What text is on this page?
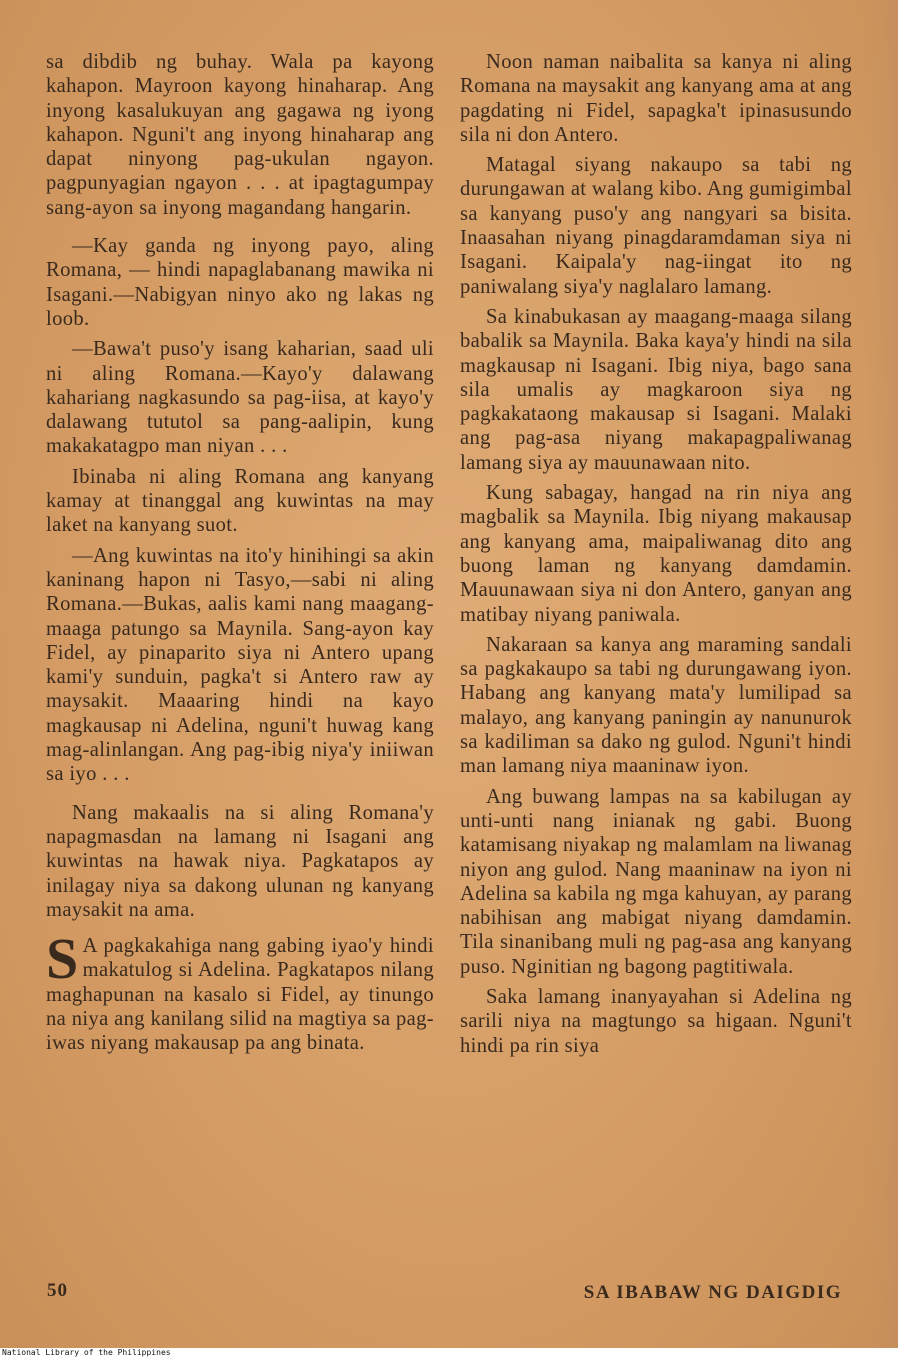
sa dibdib ng buhay. Wala pa kayong kahapon. Mayroon kayong hinaharap. Ang inyong kasalukuyan ang gagawa ng iyong kahapon. Nguni't ang inyong hinaharap ang dapat ninyong pag-ukulan ngayon. pagpunyagian ngayon . . . at ipagtagumpay sang-ayon sa inyong magandang hangarin.

—Kay ganda ng inyong payo, aling Romana, — hindi napaglabanang mawika ni Isagani.—Nabigyan ninyo ako ng lakas ng loob.

—Bawa't puso'y isang kaharian, saad uli ni aling Romana.—Kayo'y dalawang kahariang nagkasundo sa pag-iisa, at kayo'y dalawang tututol sa pang-aalipin, kung makakatagpo man niyan . . .

Ibinaba ni aling Romana ang kanyang kamay at tinanggal ang kuwintas na may laket na kanyang suot.

—Ang kuwintas na ito'y hinihingi sa akin kaninang hapon ni Tasyo,—sabi ni aling Romana.—Bukas, aalis kami nang maagang-maaga patungo sa Maynila. Sang-ayon kay Fidel, ay pinaparito siya ni Antero upang kami'y sunduin, pagka't si Antero raw ay maysakit. Maaaring hindi na kayo magkausap ni Adelina, nguni't huwag kang mag-alinlangan. Ang pag-ibig niya'y iniiwan sa iyo . . .

Nang makaalis na si aling Romana'y napagmasdan na lamang ni Isagani ang kuwintas na hawak niya. Pagkatapos ay inilagay niya sa dakong ulunan ng kanyang maysakit na ama.

S A pagkakahiga nang gabing iyao'y hindi makatulog si Adelina. Pagkatapos nilang maghapunan na kasalo si Fidel, ay tinungo na niya ang kanilang silid na magtiya sa pag-iwas niyang makausap pa ang binata.

Noon naman naibalita sa kanya ni aling Romana na maysakit ang kanyang ama at ang pagdating ni Fidel, sapagka't ipinasusundo sila ni don Antero.

Matagal siyang nakaupo sa tabi ng durungawan at walang kibo. Ang gumigimbal sa kanyang puso'y ang nangyari sa bisita. Inaasahan niyang pinagdaramdaman siya ni Isagani. Kaipala'y nag-iingat ito ng paniwalang siya'y naglalaro lamang.

Sa kinabukasan ay maagang-maaga silang babalik sa Maynila. Baka kaya'y hindi na sila magkausap ni Isagani. Ibig niya, bago sana sila umalis ay magkaroon siya ng pagkakataong makausap si Isagani. Malaki ang pag-asa niyang makapagpaliwanag lamang siya ay mauunawaan nito.

Kung sabagay, hangad na rin niya ang magbalik sa Maynila. Ibig niyang makausap ang kanyang ama, maipaliwanag dito ang buong laman ng kanyang damdamin. Mauunawaan siya ni don Antero, ganyan ang matibay niyang paniwala.

Nakaraan sa kanya ang maraming sandali sa pagkakaupo sa tabi ng durungawang iyon. Habang ang kanyang mata'y lumilipad sa malayo, ang kanyang paningin ay nanunurok sa kadiliman sa dako ng gulod. Nguni't hindi man lamang niya maaninaw iyon.

Ang buwang lampas na sa kabilugan ay unti-unti nang inianak ng gabi. Buong katamisang niyakap ng malamlam na liwanag niyon ang gulod. Nang maaninaw na iyon ni Adelina sa kabila ng mga kahuyan, ay parang nabihisan ang mabigat niyang damdamin. Tila sinanibang muli ng pag-asa ang kanyang puso. Nginitian ng bagong pagtitiwala.

Saka lamang inanyayahan si Adelina ng sarili niya na magtungo sa higaan. Nguni't hindi pa rin siya

50	SA IBABAW NG DAIGDIG
National Library of the Philippines
